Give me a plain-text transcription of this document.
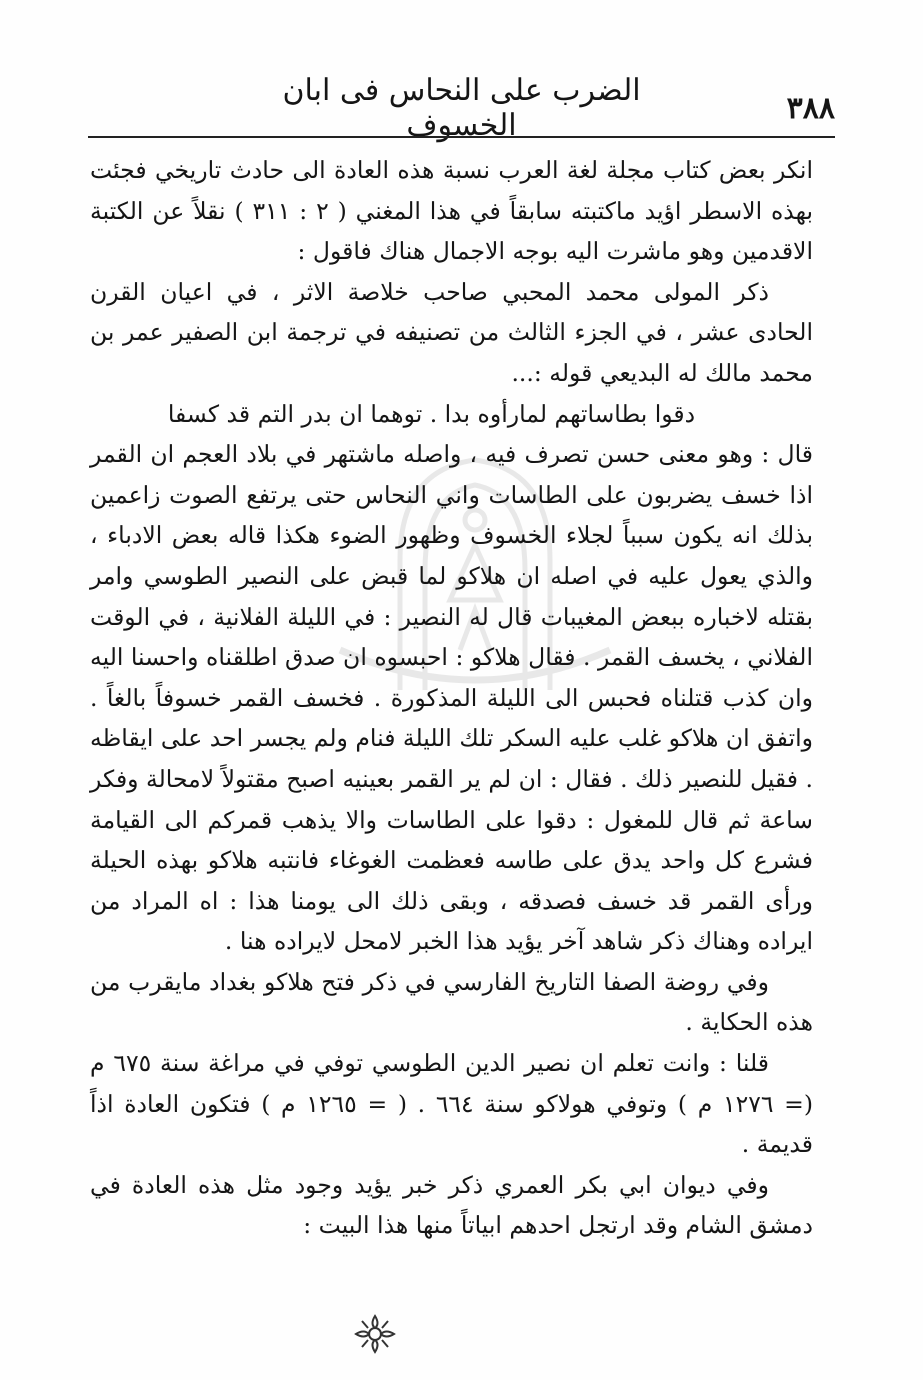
٣٨٨
الضرب على النحاس فى ابان الخسوف

انكر بعض كتاب مجلة لغة العرب نسبة هذه العادة الى حادث تاريخي فجئت بهذه الاسطر اؤيد ماكتبته سابقاً في هذا المغني ( ٢ : ٣١١ ) نقلاً عن الكتبة الاقدمين وهو ماشرت اليه بوجه الاجمال هناك فاقول :

ذكر المولى محمد المحبي صاحب خلاصة الاثر ، في اعيان القرن الحادى عشر ، في الجزء الثالث من تصنيفه في ترجمة ابن الصفير عمر بن محمد مالك له البديعي قوله :...

دقوا بطاساتهم لمارأوه بدا . توهما ان بدر التم قد كسفا

قال : وهو معنى حسن تصرف فيه ، واصله ماشتهر في بلاد العجم ان القمر اذا خسف يضربون على الطاسات واني النحاس حتى يرتفع الصوت زاعمين بذلك انه يكون سبباً لجلاء الخسوف وظهور الضوء هكذا قاله بعض الادباء ، والذي يعول عليه في اصله ان هلاكو لما قبض على النصير الطوسي وامر بقتله لاخباره ببعض المغيبات قال له النصير : في الليلة الفلانية ، في الوقت الفلاني ، يخسف القمر . فقال هلاكو : احبسوه ان صدق اطلقناه واحسنا اليه وان كذب قتلناه فحبس الى الليلة المذكورة . فخسف القمر خسوفاً بالغاً . واتفق ان هلاكو غلب عليه السكر تلك الليلة فنام ولم يجسر احد على ايقاظه . فقيل للنصير ذلك . فقال : ان لم ير القمر بعينيه اصبح مقتولاً لامحالة وفكر ساعة ثم قال للمغول : دقوا على الطاسات والا يذهب قمركم الى القيامة فشرع كل واحد يدق على طاسه فعظمت الغوغاء فانتبه هلاكو بهذه الحيلة ورأى القمر قد خسف فصدقه ، وبقى ذلك الى يومنا هذا : اه المراد من ايراده وهناك ذكر شاهد آخر يؤيد هذا الخبر لامحل لايراده هنا .

وفي روضة الصفا التاريخ الفارسي في ذكر فتح هلاكو بغداد مايقرب من هذه الحكاية .

قلنا : وانت تعلم ان نصير الدين الطوسي توفي في مراغة سنة ٦٧٥ م (= ١٢٧٦ م ) وتوفي هولاكو سنة ٦٦٤ . ( = ١٢٦٥ م ) فتكون العادة اذاً قديمة .

وفي ديوان ابي بكر العمري ذكر خبر يؤيد وجود مثل هذه العادة في دمشق الشام وقد ارتجل احدهم ابياتاً منها هذا البيت :
